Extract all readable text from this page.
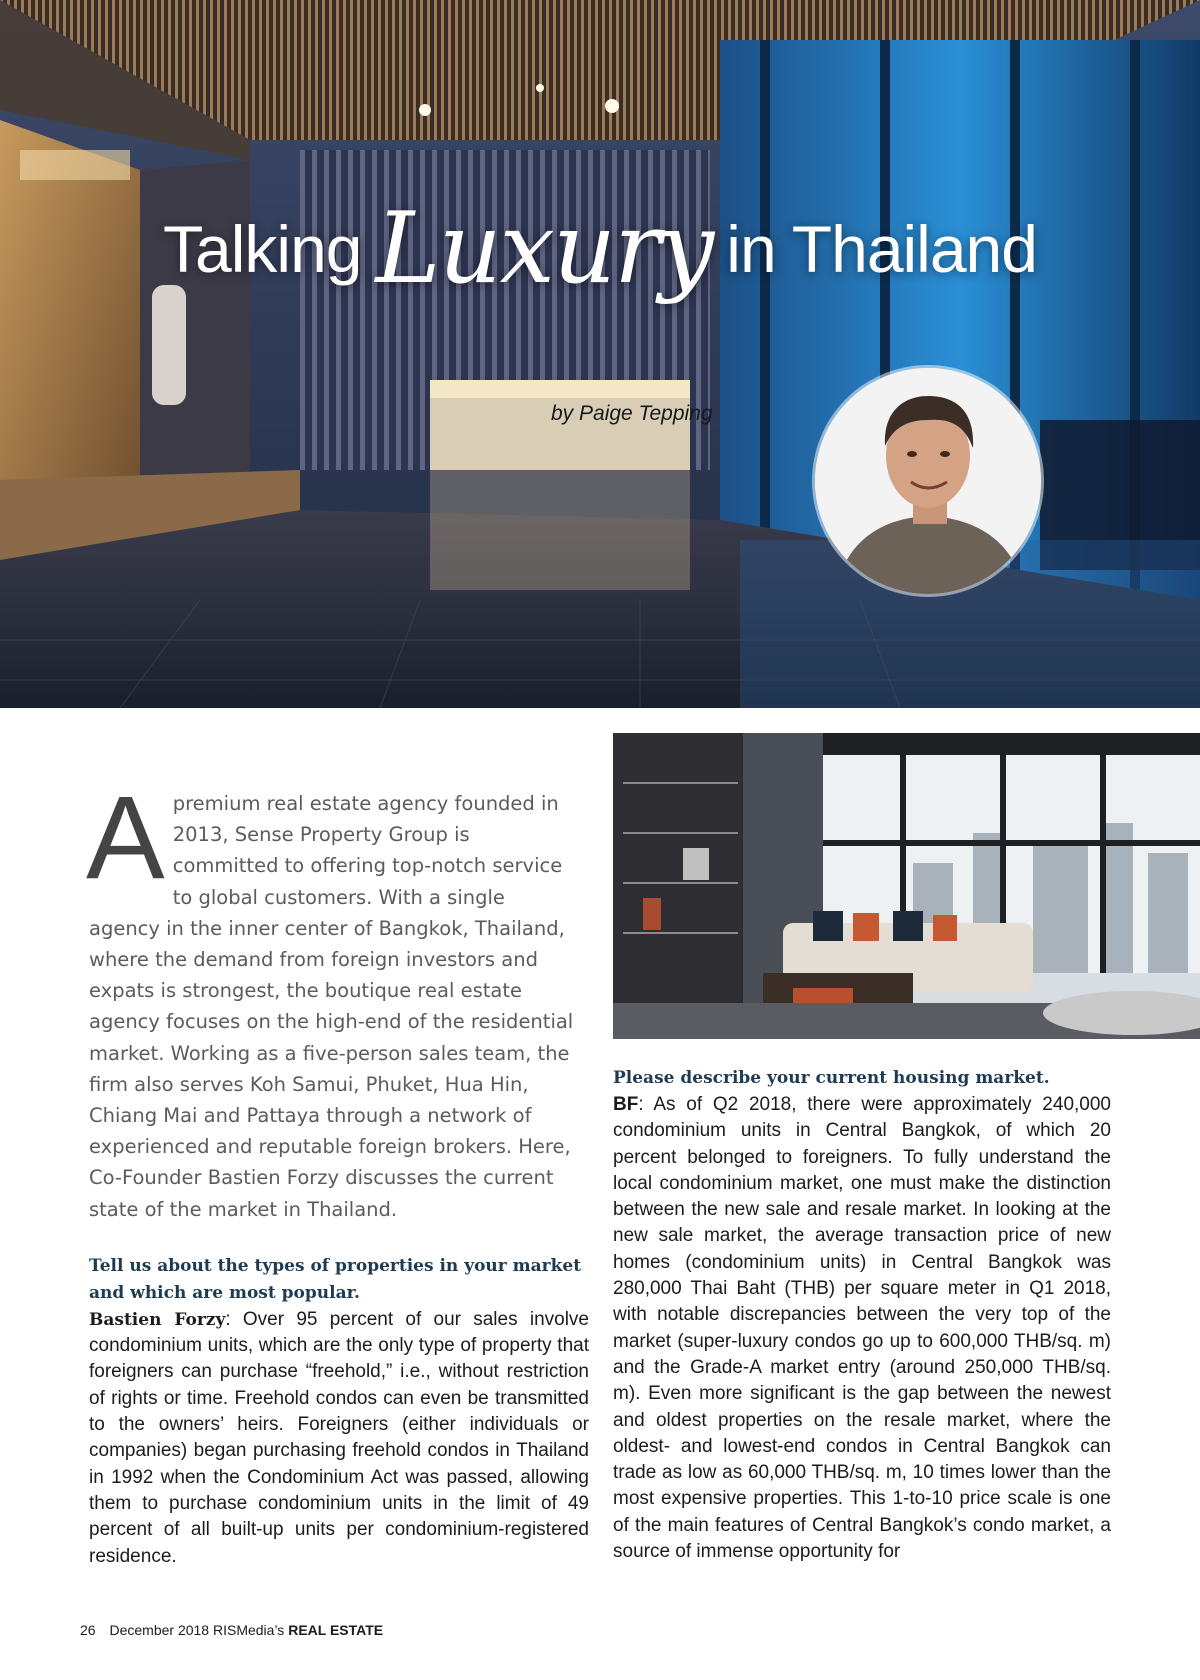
Talking Luxury in Thailand
by Paige Tepping

Apremium real estate agency founded in 2013, Sense Property Group is committed to offering top-notch service to global customers. With a single agency in the inner center of Bangkok, Thailand, where the demand from foreign investors and expats is strongest, the boutique real estate agency focuses on the high-end of the residential market. Working as a five-person sales team, the firm also serves Koh Samui, Phuket, Hua Hin, Chiang Mai and Pattaya through a network of experienced and reputable foreign brokers. Here, Co-Founder Bastien Forzy discusses the current state of the market in Thailand.

Tell us about the types of properties in your market and which are most popular.

Bastien Forzy: Over 95 percent of our sales involve condominium units, which are the only type of property that foreigners can purchase “freehold,” i.e., without restriction of rights or time. Freehold condos can even be transmitted to the owners’ heirs. Foreigners (either individuals or companies) began purchasing freehold condos in Thailand in 1992 when the Condominium Act was passed, allowing them to purchase condominium units in the limit of 49 percent of all built-up units per condominium-registered residence.

Please describe your current housing market.

BF: As of Q2 2018, there were approximately 240,000 condominium units in Central Bangkok, of which 20 percent belonged to foreigners. To fully understand the local condominium market, one must make the distinction between the new sale and resale market. In looking at the new sale market, the average transaction price of new homes (condominium units) in Central Bangkok was 280,000 Thai Baht (THB) per square meter in Q1 2018, with notable discrepancies between the very top of the market (super-luxury condos go up to 600,000 THB/sq. m) and the Grade-A market entry (around 250,000 THB/sq. m). Even more significant is the gap between the newest and oldest properties on the resale market, where the oldest- and lowest-end condos in Central Bangkok can trade as low as 60,000 THB/sq. m, 10 times lower than the most expensive properties. This 1-to-10 price scale is one of the main features of Central Bangkok’s condo market, a source of immense opportunity for

26 December 2018 RISMedia’s REAL ESTATE
